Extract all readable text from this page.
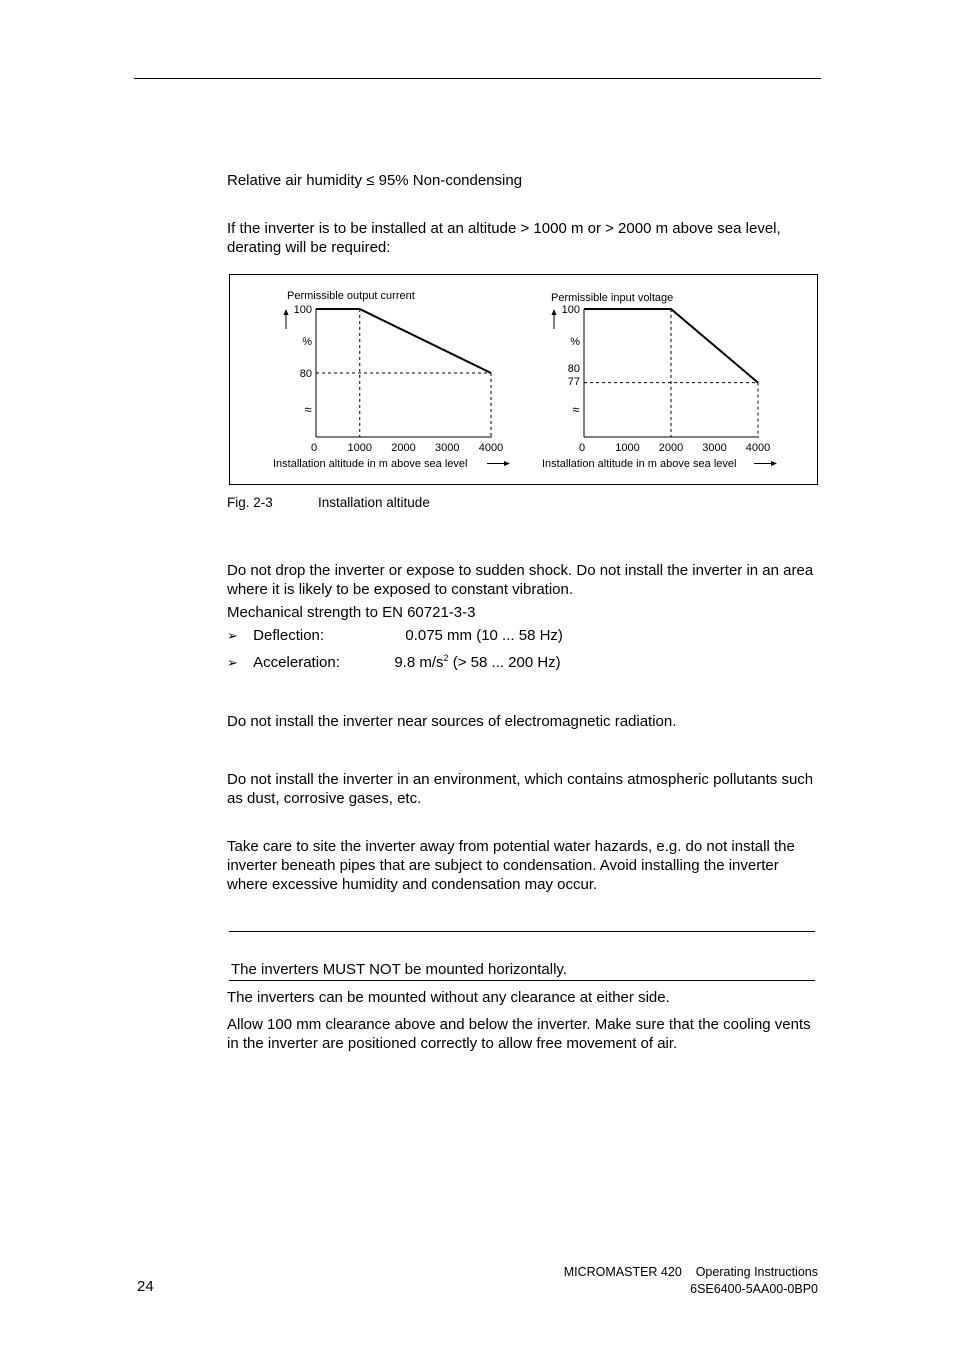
Relative air humidity ≤ 95% Non-condensing
If the inverter is to be installed at an altitude > 1000 m or > 2000 m above sea level, derating will be required:
Permissible output current
100
80
%
≈
0	1000 2000 3000 4000
Installation altitude in m above sea level
Permissible input voltage
100
80
77
%
≈
0	1000 2000 3000 4000
Installation altitude in m above sea level
Fig. 2-3	Installation altitude
Do not drop the inverter or expose to sudden shock. Do not install the inverter in an area where it is likely to be exposed to constant vibration.
Mechanical strength to EN 60721-3-3
➢ Deflection:	0.075 mm (10 ... 58 Hz)
➢ Acceleration:	9.8 $m/s^2$ (> 58 ... 200 Hz)
Do not install the inverter near sources of electromagnetic radiation.
Do not install the inverter in an environment, which contains atmospheric pollutants such as dust, corrosive gases, etc.
Take care to site the inverter away from potential water hazards, e.g. do not install the inverter beneath pipes that are subject to condensation. Avoid installing the inverter where excessive humidity and condensation may occur.
The inverters MUST NOT be mounted horizontally.
The inverters can be mounted without any clearance at either side.
Allow 100 mm clearance above and below the inverter. Make sure that the cooling vents in the inverter are positioned correctly to allow free movement of air.
24
MICROMASTER 420 Operating Instructions
6SE6400-5AA00-0BP0
